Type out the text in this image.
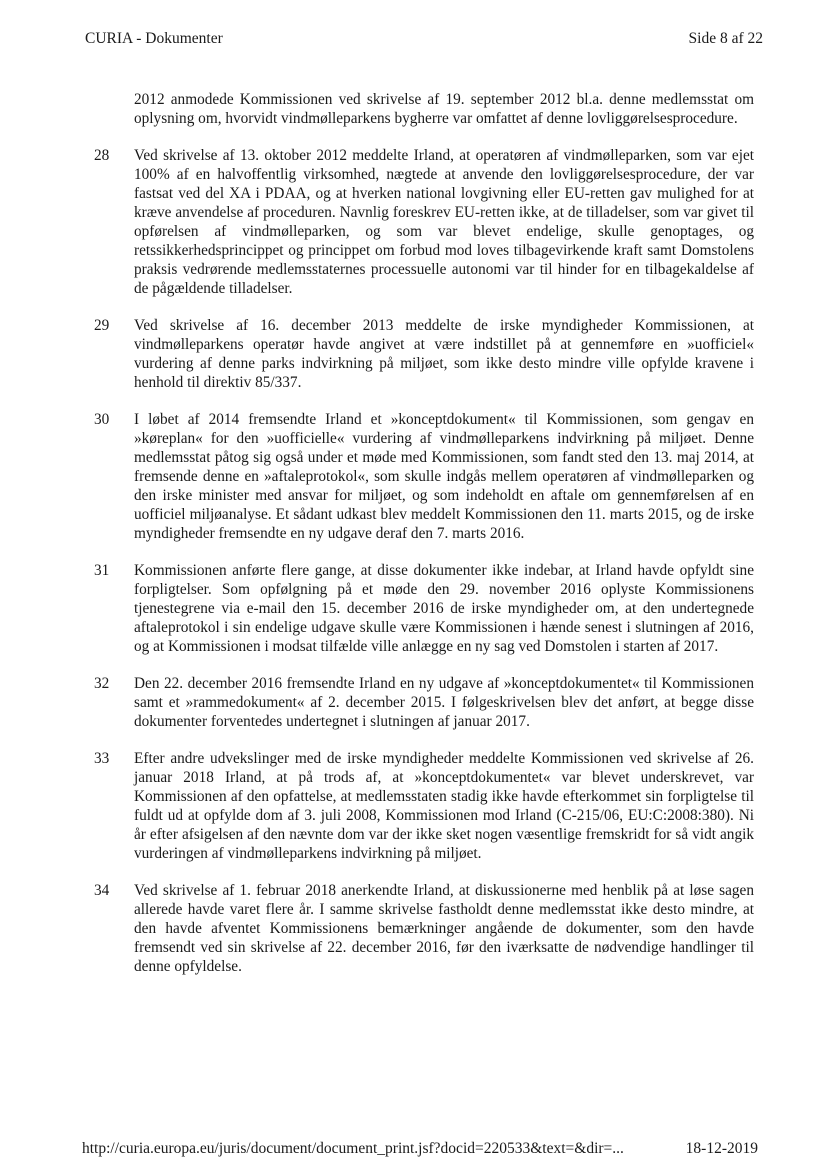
CURIA - Dokumenter	Side 8 af 22
2012 anmodede Kommissionen ved skrivelse af 19. september 2012 bl.a. denne medlemsstat om oplysning om, hvorvidt vindmølleparkens bygherre var omfattet af denne lovliggørelsesprocedure.
28 Ved skrivelse af 13. oktober 2012 meddelte Irland, at operatøren af vindmølleparken, som var ejet 100% af en halvoffentlig virksomhed, nægtede at anvende den lovliggørelsesprocedure, der var fastsat ved del XA i PDAA, og at hverken national lovgivning eller EU-retten gav mulighed for at kræve anvendelse af proceduren. Navnlig foreskrev EU-retten ikke, at de tilladelser, som var givet til opførelsen af vindmølleparken, og som var blevet endelige, skulle genoptages, og retssikkerhedsprincippet og princippet om forbud mod loves tilbagevirkende kraft samt Domstolens praksis vedrørende medlemsstaternes processuelle autonomi var til hinder for en tilbagekaldelse af de pågældende tilladelser.
29 Ved skrivelse af 16. december 2013 meddelte de irske myndigheder Kommissionen, at vindmølleparkens operatør havde angivet at være indstillet på at gennemføre en »uofficiel« vurdering af denne parks indvirkning på miljøet, som ikke desto mindre ville opfylde kravene i henhold til direktiv 85/337.
30 I løbet af 2014 fremsendte Irland et »konceptdokument« til Kommissionen, som gengav en »køreplan« for den »uofficielle« vurdering af vindmølleparkens indvirkning på miljøet. Denne medlemsstat påtog sig også under et møde med Kommissionen, som fandt sted den 13. maj 2014, at fremsende denne en »aftaleprotokol«, som skulle indgås mellem operatøren af vindmølleparken og den irske minister med ansvar for miljøet, og som indeholdt en aftale om gennemførelsen af en uofficiel miljøanalyse. Et sådant udkast blev meddelt Kommissionen den 11. marts 2015, og de irske myndigheder fremsendte en ny udgave deraf den 7. marts 2016.
31 Kommissionen anførte flere gange, at disse dokumenter ikke indebar, at Irland havde opfyldt sine forpligtelser. Som opfølgning på et møde den 29. november 2016 oplyste Kommissionens tjenestegrene via e-mail den 15. december 2016 de irske myndigheder om, at den undertegnede aftaleprotokol i sin endelige udgave skulle være Kommissionen i hænde senest i slutningen af 2016, og at Kommissionen i modsat tilfælde ville anlægge en ny sag ved Domstolen i starten af 2017.
32 Den 22. december 2016 fremsendte Irland en ny udgave af »konceptdokumentet« til Kommissionen samt et »rammedokument« af 2. december 2015. I følgeskrivelsen blev det anført, at begge disse dokumenter forventedes undertegnet i slutningen af januar 2017.
33 Efter andre udvekslinger med de irske myndigheder meddelte Kommissionen ved skrivelse af 26. januar 2018 Irland, at på trods af, at »konceptdokumentet« var blevet underskrevet, var Kommissionen af den opfattelse, at medlemsstaten stadig ikke havde efterkommet sin forpligtelse til fuldt ud at opfylde dom af 3. juli 2008, Kommissionen mod Irland (C-215/06, EU:C:2008:380). Ni år efter afsigelsen af den nævnte dom var der ikke sket nogen væsentlige fremskridt for så vidt angik vurderingen af vindmølleparkens indvirkning på miljøet.
34 Ved skrivelse af 1. februar 2018 anerkendte Irland, at diskussionerne med henblik på at løse sagen allerede havde varet flere år. I samme skrivelse fastholdt denne medlemsstat ikke desto mindre, at den havde afventet Kommissionens bemærkninger angående de dokumenter, som den havde fremsendt ved sin skrivelse af 22. december 2016, før den iværksatte de nødvendige handlinger til denne opfyldelse.
http://curia.europa.eu/juris/document/document_print.jsf?docid=220533&text=&dir=...	18-12-2019
